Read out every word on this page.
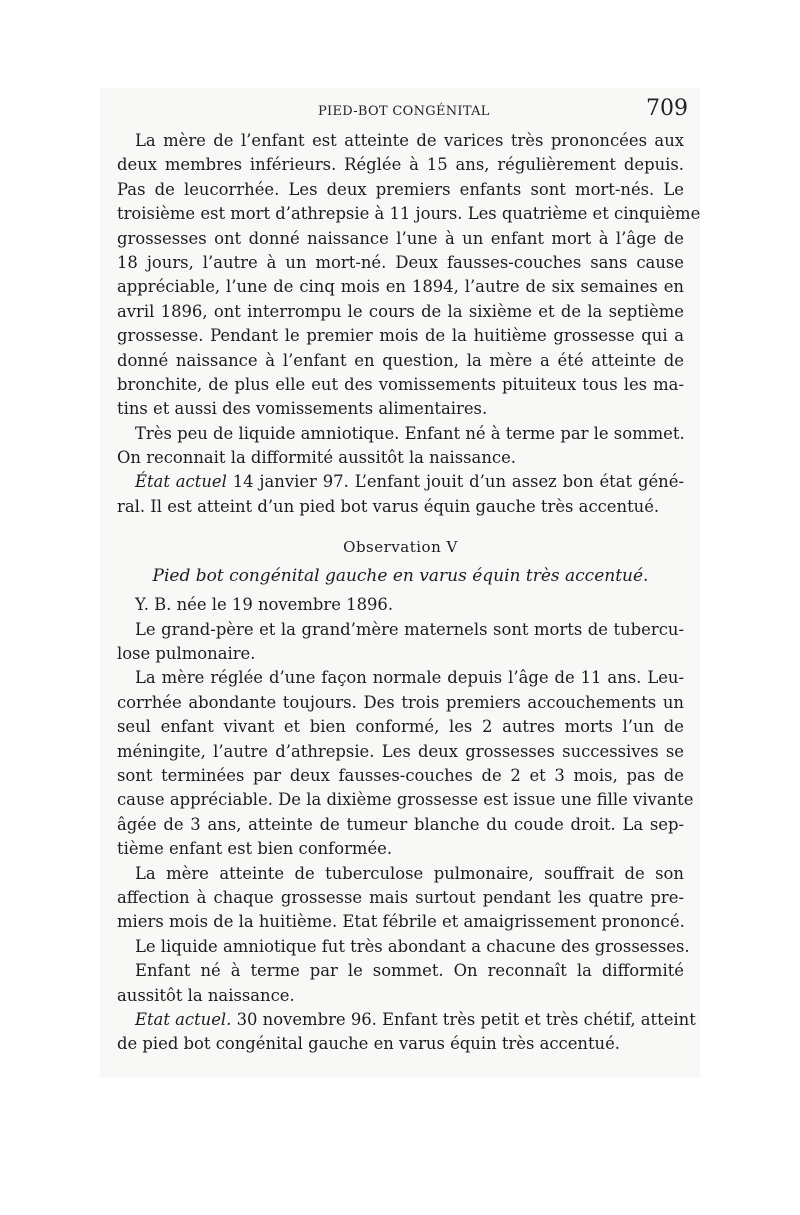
PIED-BOT CONGÉNITAL	709
La mère de l’enfant est atteinte de varices très prononcées aux
deux membres inférieurs. Réglée à 15 ans, régulièrement depuis.
Pas de leucorrhée. Les deux premiers enfants sont mort-nés. Le
troisième est mort d’athrepsie à 11 jours. Les quatrième et cinquième
grossesses ont donné naissance l’une à un enfant mort à l’âge de
18 jours, l’autre à un mort-né. Deux fausses-couches sans cause
appréciable, l’une de cinq mois en 1894, l’autre de six semaines en
avril 1896, ont interrompu le cours de la sixième et de la septième
grossesse. Pendant le premier mois de la huitième grossesse qui a
donné naissance à l’enfant en question, la mère a été atteinte de
bronchite, de plus elle eut des vomissements pituiteux tous les ma-
tins et aussi des vomissements alimentaires.
Très peu de liquide amniotique. Enfant né à terme par le sommet.
On reconnait la difformité aussitôt la naissance.
État actuel 14 janvier 97. L’enfant jouit d’un assez bon état géné-
ral. Il est atteint d’un pied bot varus équin gauche très accentué.
Observation V
Pied bot congénital gauche en varus équin très accentué.
Y. B. née le 19 novembre 1896.
Le grand-père et la grand’mère maternels sont morts de tubercu-
lose pulmonaire.
La mère réglée d’une façon normale depuis l’âge de 11 ans. Leu-
corrhée abondante toujours. Des trois premiers accouchements un
seul enfant vivant et bien conformé, les 2 autres morts l’un de
méningite, l’autre d’athrepsie. Les deux grossesses successives se
sont terminées par deux fausses-couches de 2 et 3 mois, pas de
cause appréciable. De la dixième grossesse est issue une fille vivante
âgée de 3 ans, atteinte de tumeur blanche du coude droit. La sep-
tième enfant est bien conformée.
La mère atteinte de tuberculose pulmonaire, souffrait de son
affection à chaque grossesse mais surtout pendant les quatre pre-
miers mois de la huitième. Etat fébrile et amaigrissement prononcé.
Le liquide amniotique fut très abondant a chacune des grossesses.
Enfant né à terme par le sommet. On reconnaît la difformité
aussitôt la naissance.
Etat actuel. 30 novembre 96. Enfant très petit et très chétif, atteint
de pied bot congénital gauche en varus équin très accentué.
